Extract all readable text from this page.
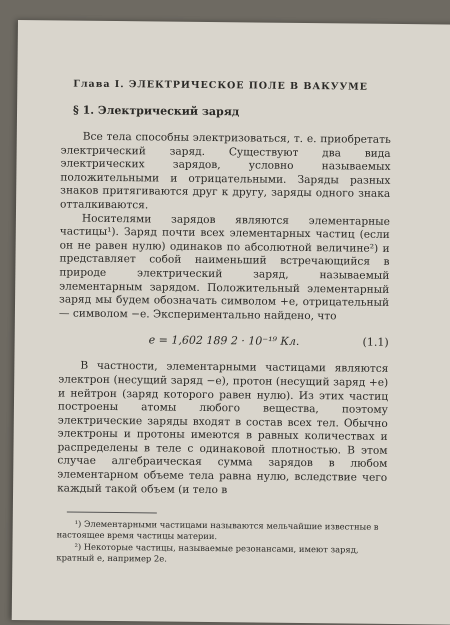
Глава I. ЭЛЕКТРИЧЕСКОЕ ПОЛЕ В ВАКУУМЕ
§ 1. Электрический заряд

Все тела способны электризоваться, т. е. приобретать электрический заряд. Существуют два вида электрических зарядов, условно называемых положительными и отрицательными. Заряды разных знаков притягиваются друг к другу, заряды одного знака отталкиваются.

Носителями зарядов являются элементарные частицы¹). Заряд почти всех элементарных частиц (если он не равен нулю) одинаков по абсолютной величине²) и представляет собой наименьший встречающийся в природе электрический заряд, называемый элементарным зарядом. Положительный элементарный заряд мы будем обозначать символом +e, отрицательный — символом −e. Экспериментально найдено, что

e = 1,602 189 2 · 10⁻¹⁹ Кл.	(1.1)

В частности, элементарными частицами являются электрон (несущий заряд −e), протон (несущий заряд +e) и нейтрон (заряд которого равен нулю). Из этих частиц построены атомы любого вещества, поэтому электрические заряды входят в состав всех тел. Обычно электроны и протоны имеются в равных количествах и распределены в теле с одинаковой плотностью. В этом случае алгебраическая сумма зарядов в любом элементарном объеме тела равна нулю, вследствие чего каждый такой объем (и тело в

¹) Элементарными частицами называются мельчайшие известные в настоящее время частицы материи.

²) Некоторые частицы, называемые резонансами, имеют заряд, кратный e, например 2e.
